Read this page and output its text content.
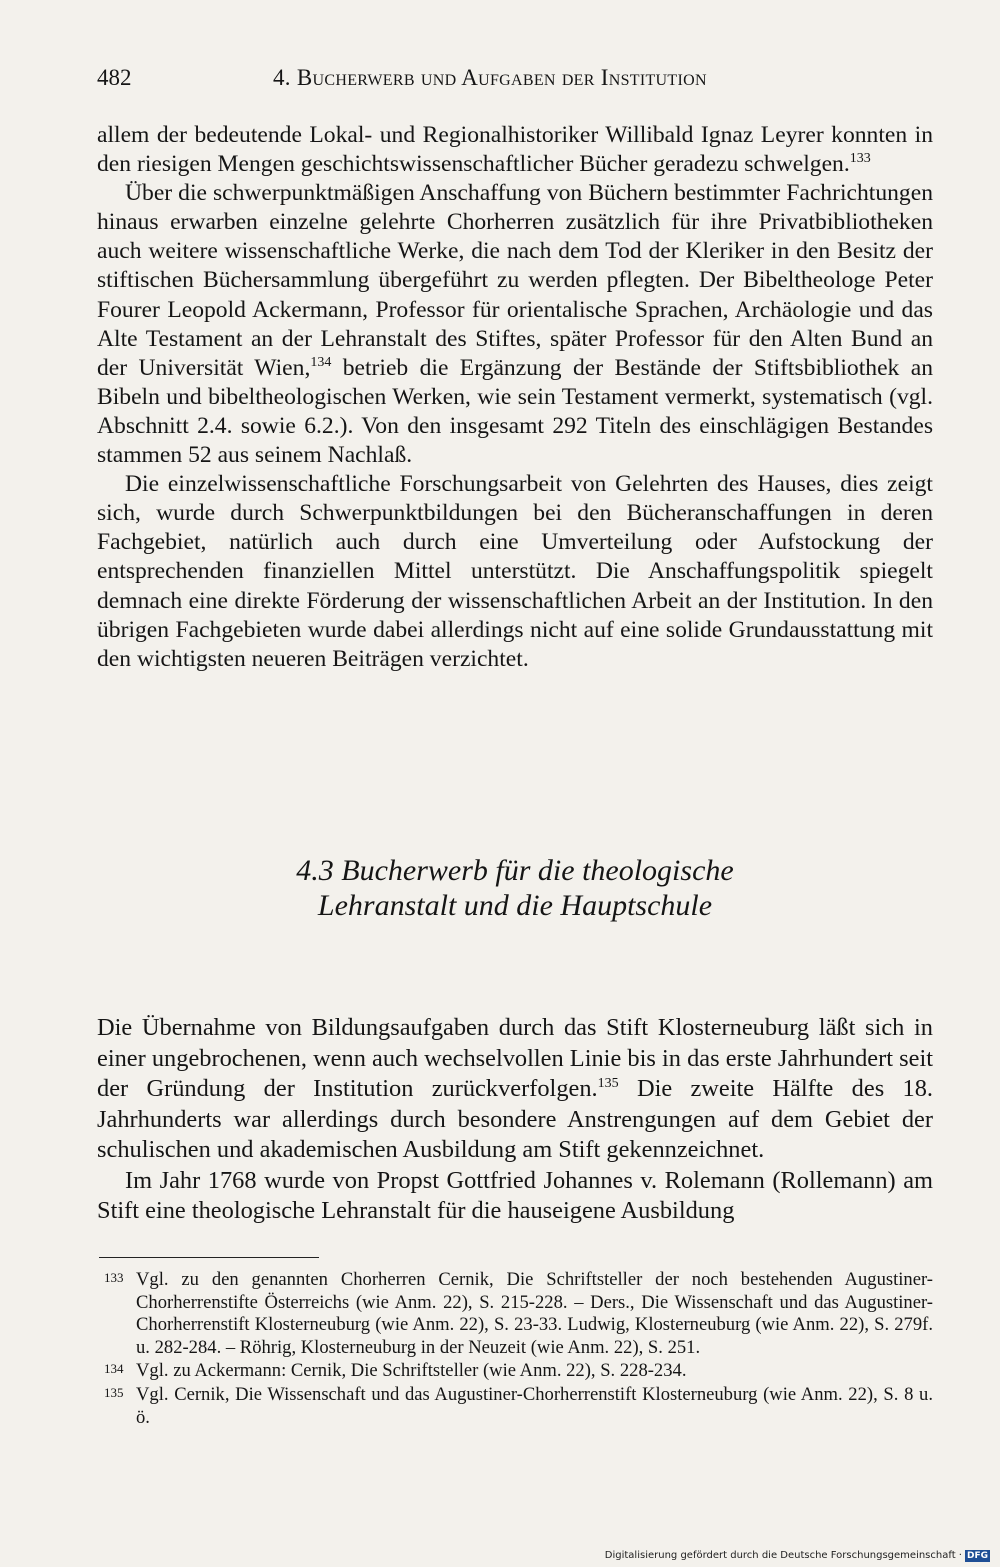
482	4. Bucherwerb und Aufgaben der Institution

allem der bedeutende Lokal- und Regionalhistoriker Willibald Ignaz Leyrer konnten in den riesigen Mengen geschichtswissenschaftlicher Bücher geradezu schwelgen.$^{133}$

Über die schwerpunktmäßigen Anschaffung von Büchern bestimmter Fachrichtungen hinaus erwarben einzelne gelehrte Chorherren zusätzlich für ihre Privatbibliotheken auch weitere wissenschaftliche Werke, die nach dem Tod der Kleriker in den Besitz der stiftischen Büchersammlung übergeführt zu werden pflegten. Der Bibeltheologe Peter Fourer Leopold Ackermann, Professor für orientalische Sprachen, Archäologie und das Alte Testament an der Lehranstalt des Stiftes, später Professor für den Alten Bund an der Universität Wien,$^{134}$ betrieb die Ergänzung der Bestände der Stiftsbibliothek an Bibeln und bibeltheologischen Werken, wie sein Testament vermerkt, systematisch (vgl. Abschnitt 2.4. sowie 6.2.). Von den insgesamt 292 Titeln des einschlägigen Bestandes stammen 52 aus seinem Nachlaß.

Die einzelwissenschaftliche Forschungsarbeit von Gelehrten des Hauses, dies zeigt sich, wurde durch Schwerpunktbildungen bei den Bücheranschaffungen in deren Fachgebiet, natürlich auch durch eine Umverteilung oder Aufstockung der entsprechenden finanziellen Mittel unterstützt. Die Anschaffungspolitik spiegelt demnach eine direkte Förderung der wissenschaftlichen Arbeit an der Institution. In den übrigen Fachgebieten wurde dabei allerdings nicht auf eine solide Grundausstattung mit den wichtigsten neueren Beiträgen verzichtet.

4.3 Bucherwerb für die theologische
Lehranstalt und die Hauptschule

Die Übernahme von Bildungsaufgaben durch das Stift Klosterneuburg läßt sich in einer ungebrochenen, wenn auch wechselvollen Linie bis in das erste Jahrhundert seit der Gründung der Institution zurückverfolgen.$^{135}$ Die zweite Hälfte des 18. Jahrhunderts war allerdings durch besondere Anstrengungen auf dem Gebiet der schulischen und akademischen Ausbildung am Stift gekennzeichnet.

Im Jahr 1768 wurde von Propst Gottfried Johannes v. Rolemann (Rollemann) am Stift eine theologische Lehranstalt für die hauseigene Ausbildung

133 Vgl. zu den genannten Chorherren Cernik, Die Schriftsteller der noch bestehenden Augustiner-Chorherrenstifte Österreichs (wie Anm. 22), S. 215-228. – Ders., Die Wissenschaft und das Augustiner-Chorherrenstift Klosterneuburg (wie Anm. 22), S. 23-33. Ludwig, Klosterneuburg (wie Anm. 22), S. 279f. u. 282-284. – Röhrig, Klosterneuburg in der Neuzeit (wie Anm. 22), S. 251.
134 Vgl. zu Ackermann: Cernik, Die Schriftsteller (wie Anm. 22), S. 228-234.
135 Vgl. Cernik, Die Wissenschaft und das Augustiner-Chorherrenstift Klosterneuburg (wie Anm. 22), S. 8 u. ö.
Digitalisierung gefördert durch die Deutsche Forschungsgemeinschaft · DFG
